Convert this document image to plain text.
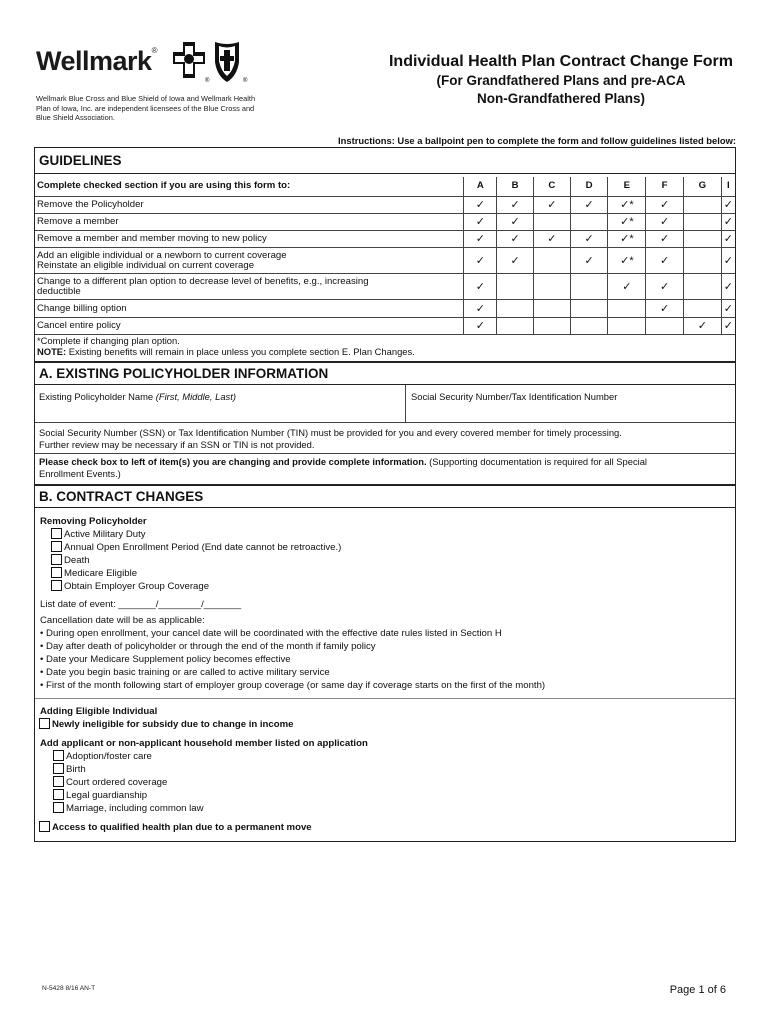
Wellmark®
®	®
Wellmark Blue Cross and Blue Shield of Iowa and Wellmark Health Plan of Iowa, Inc. are independent licensees of the Blue Cross and Blue Shield Association.
Individual Health Plan Contract Change Form
(For Grandfathered Plans and pre-ACA
Non-Grandfathered Plans)
Instructions: Use a ballpoint pen to complete the form and follow guidelines listed below:
GUIDELINES
Complete checked section if you are using this form to:	A	B	C	D	E	F	G	I
Remove the Policyholder	✓	✓	✓	✓	✓*	✓		✓
Remove a member	✓	✓			✓*	✓		✓
Remove a member and member moving to new policy	✓	✓	✓	✓	✓*	✓		✓

Add an eligible individual or a newborn to current coverage
Reinstate an eligible individual on current coverage	✓	✓		✓	✓*	✓		✓

Change to a different plan option to decrease level of benefits, e.g., increasing
deductible	✓				✓	✓		✓
Change billing option	✓					✓		✓
Cancel entire policy	✓						✓	✓
*Complete if changing plan option.
NOTE: Existing benefits will remain in place unless you complete section E. Plan Changes.
A. EXISTING POLICYHOLDER INFORMATION
Existing Policyholder Name (First, Middle, Last)	Social Security Number/Tax Identification Number
Social Security Number (SSN) or Tax Identification Number (TIN) must be provided for you and every covered member for timely processing.
Further review may be necessary if an SSN or TIN is not provided.
Please check box to left of item(s) you are changing and provide complete information. (Supporting documentation is required for all Special
Enrollment Events.)
B. CONTRACT CHANGES
Removing Policyholder
Active Military Duty
Annual Open Enrollment Period (End date cannot be retroactive.)
Death
Medicare Eligible
Obtain Employer Group Coverage
List date of event: _______/________/_______
Cancellation date will be as applicable:
• During open enrollment, your cancel date will be coordinated with the effective date rules listed in Section H
• Day after death of policyholder or through the end of the month if family policy
• Date your Medicare Supplement policy becomes effective
• Date you begin basic training or are called to active military service
• First of the month following start of employer group coverage (or same day if coverage starts on the first of the month)
Adding Eligible Individual
Newly ineligible for subsidy due to change in income
Add applicant or non-applicant household member listed on application
Adoption/foster care
Birth
Court ordered coverage
Legal guardianship
Marriage, including common law
Access to qualified health plan due to a permanent move
N-5428 8/16 AN-T	Page 1 of 6
